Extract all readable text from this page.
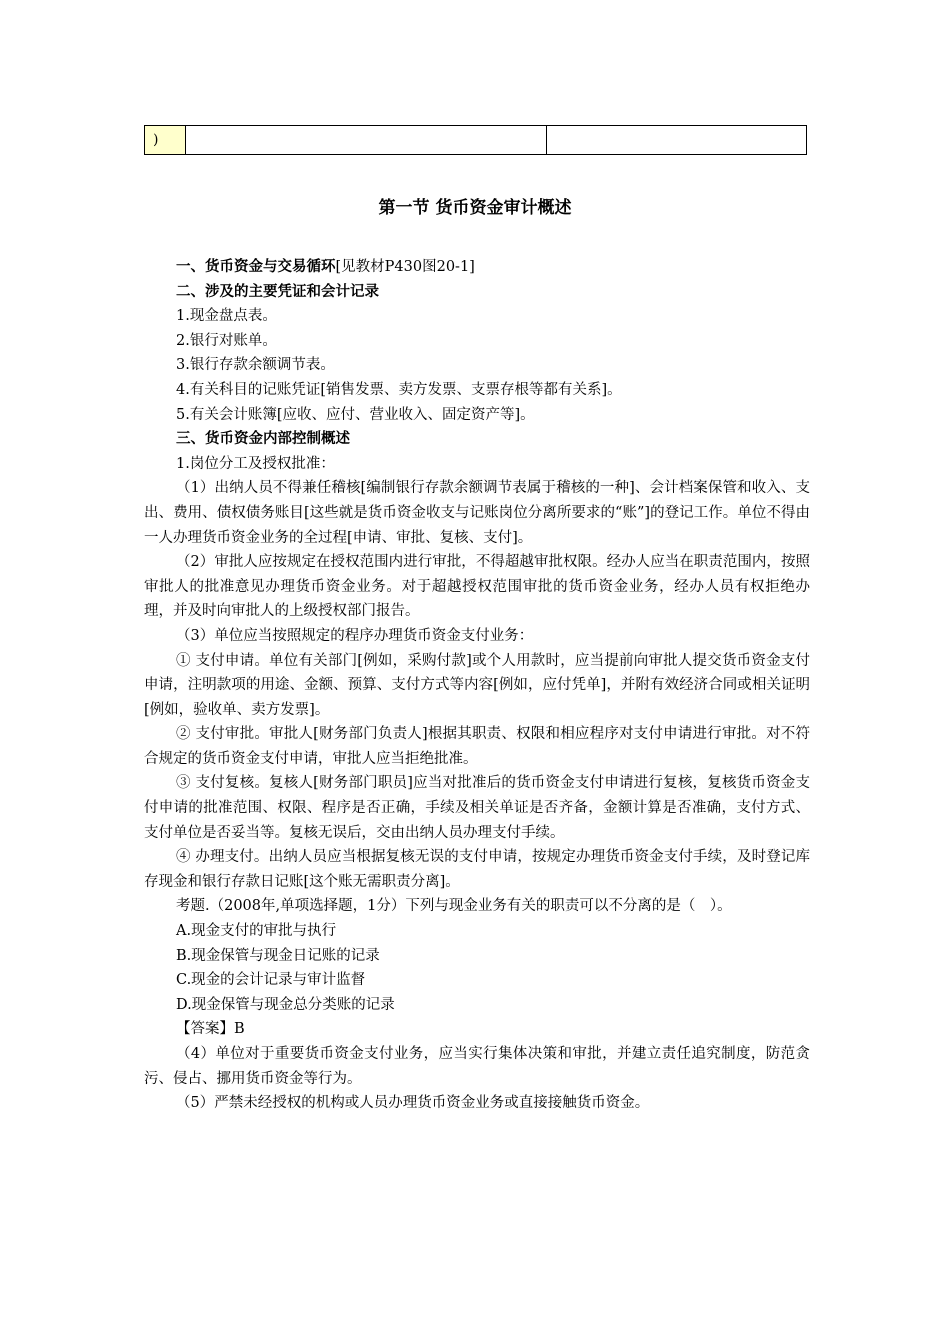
)		
第一节 货币资金审计概述

一、货币资金与交易循环[见教材P430图20-1]

二、涉及的主要凭证和会计记录

1.现金盘点表。

2.银行对账单。

3.银行存款余额调节表。

4.有关科目的记账凭证[销售发票、卖方发票、支票存根等都有关系]。

5.有关会计账簿[应收、应付、营业收入、固定资产等]。

三、货币资金内部控制概述

1.岗位分工及授权批准：

（1）出纳人员不得兼任稽核[编制银行存款余额调节表属于稽核的一种]、会计档案保管和收入、支出、费用、债权债务账目[这些就是货币资金收支与记账岗位分离所要求的“账”]的登记工作。单位不得由一人办理货币资金业务的全过程[申请、审批、复核、支付]。

（2）审批人应按规定在授权范围内进行审批，不得超越审批权限。经办人应当在职责范围内，按照审批人的批准意见办理货币资金业务。对于超越授权范围审批的货币资金业务，经办人员有权拒绝办理，并及时向审批人的上级授权部门报告。

（3）单位应当按照规定的程序办理货币资金支付业务：

① 支付申请。单位有关部门[例如，采购付款]或个人用款时，应当提前向审批人提交货币资金支付申请，注明款项的用途、金额、预算、支付方式等内容[例如，应付凭单]，并附有效经济合同或相关证明[例如，验收单、卖方发票]。

② 支付审批。审批人[财务部门负责人]根据其职责、权限和相应程序对支付申请进行审批。对不符合规定的货币资金支付申请，审批人应当拒绝批准。

③ 支付复核。复核人[财务部门职员]应当对批准后的货币资金支付申请进行复核，复核货币资金支付申请的批准范围、权限、程序是否正确，手续及相关单证是否齐备，金额计算是否准确，支付方式、支付单位是否妥当等。复核无误后，交由出纳人员办理支付手续。

④ 办理支付。出纳人员应当根据复核无误的支付申请，按规定办理货币资金支付手续，及时登记库存现金和银行存款日记账[这个账无需职责分离]。

考题.（2008年,单项选择题，1分）下列与现金业务有关的职责可以不分离的是（　）。

A.现金支付的审批与执行

B.现金保管与现金日记账的记录

C.现金的会计记录与审计监督

D.现金保管与现金总分类账的记录

【答案】B

（4）单位对于重要货币资金支付业务，应当实行集体决策和审批，并建立责任追究制度，防范贪污、侵占、挪用货币资金等行为。

（5）严禁未经授权的机构或人员办理货币资金业务或直接接触货币资金。
